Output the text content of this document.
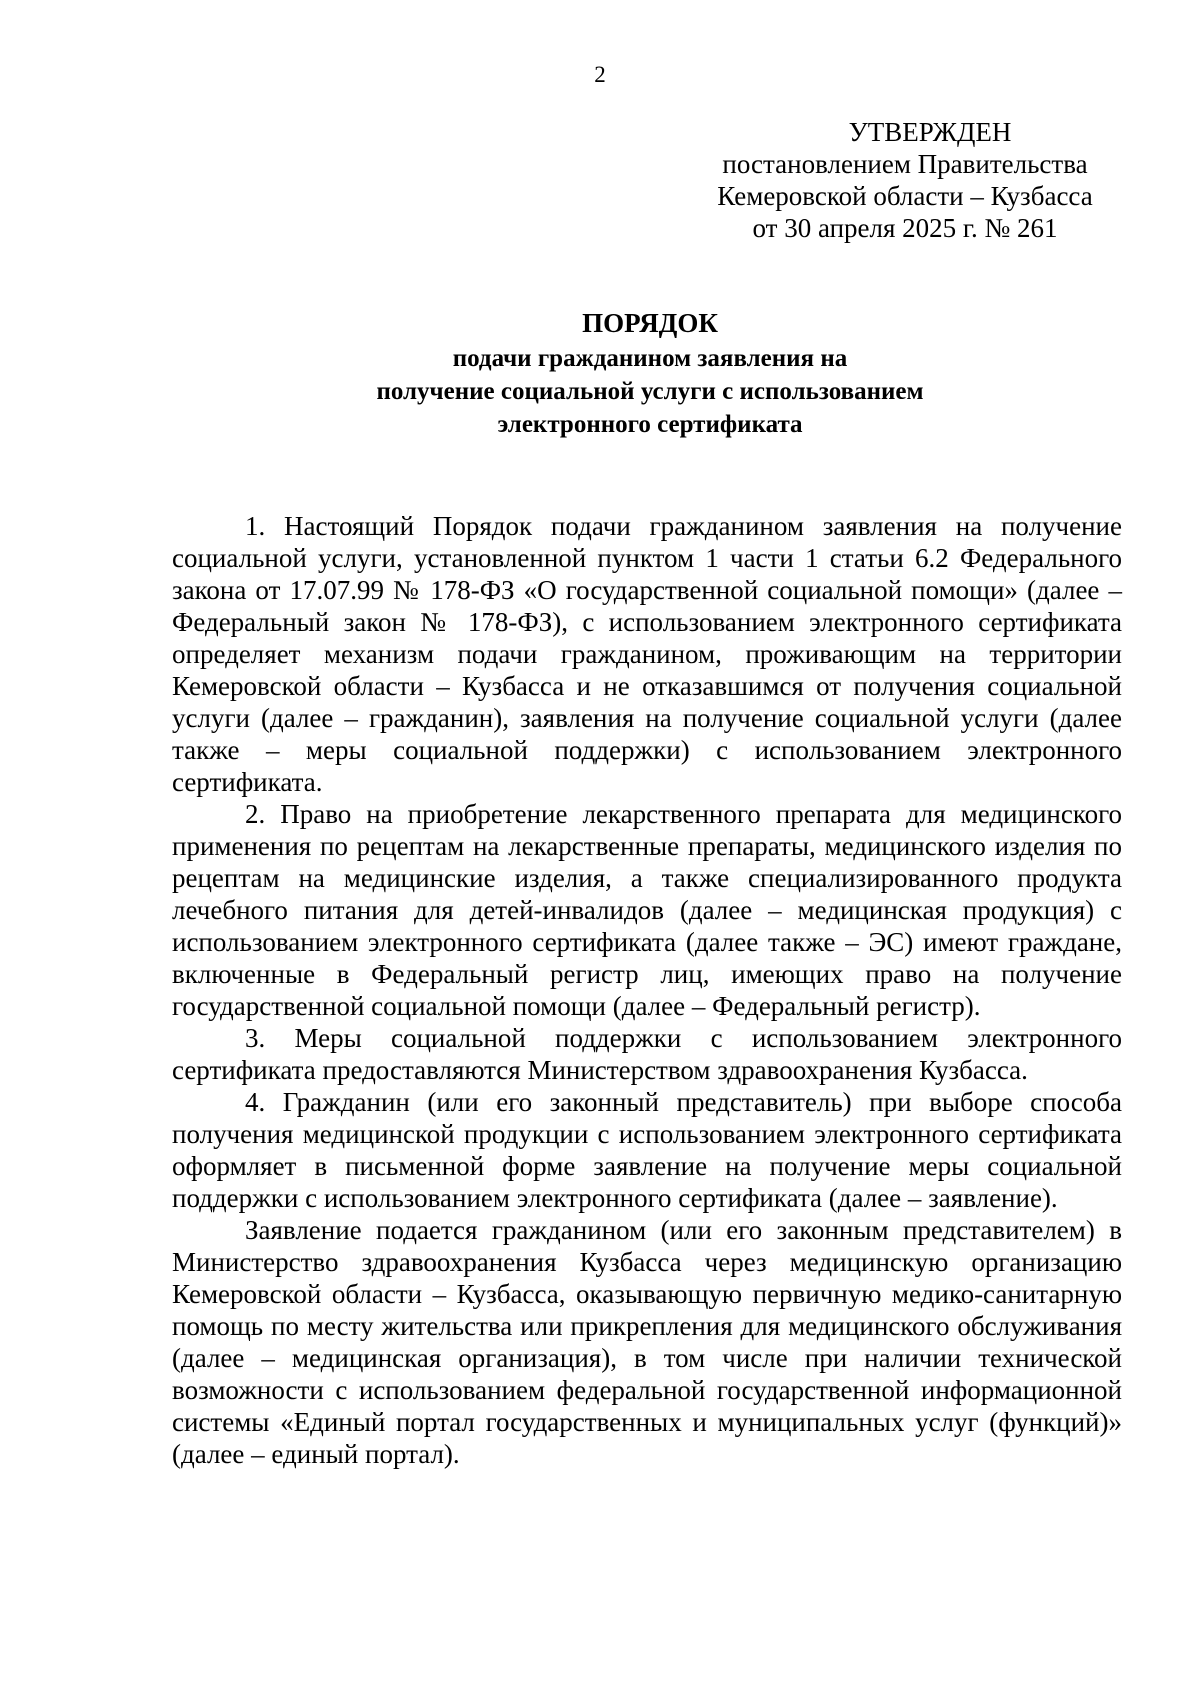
2
УТВЕРЖДЕН
постановлением Правительства
Кемеровской области – Кузбасса
от 30 апреля 2025 г. № 261
ПОРЯДОК
подачи гражданином заявления на
получение социальной услуги с использованием
электронного сертификата

1. Настоящий Порядок подачи гражданином заявления на получение социальной услуги, установленной пунктом 1 части 1 статьи 6.2 Федерального закона от 17.07.99 № 178-ФЗ «О государственной социальной помощи» (далее – Федеральный закон № 178-ФЗ), с использованием электронного сертификата определяет механизм подачи гражданином, проживающим на территории Кемеровской области – Кузбасса и не отказавшимся от получения социальной услуги (далее – гражданин), заявления на получение социальной услуги (далее также – меры социальной поддержки) с использованием электронного сертификата.

2. Право на приобретение лекарственного препарата для медицинского применения по рецептам на лекарственные препараты, медицинского изделия по рецептам на медицинские изделия, а также специализированного продукта лечебного питания для детей-инвалидов (далее – медицинская продукция) с использованием электронного сертификата (далее также – ЭС) имеют граждане, включенные в Федеральный регистр лиц, имеющих право на получение государственной социальной помощи (далее – Федеральный регистр).

3. Меры социальной поддержки с использованием электронного сертификата предоставляются Министерством здравоохранения Кузбасса.

4. Гражданин (или его законный представитель) при выборе способа получения медицинской продукции с использованием электронного сертификата оформляет в письменной форме заявление на получение меры социальной поддержки с использованием электронного сертификата (далее – заявление).

Заявление подается гражданином (или его законным представителем) в Министерство здравоохранения Кузбасса через медицинскую организацию Кемеровской области – Кузбасса, оказывающую первичную медико-санитарную помощь по месту жительства или прикрепления для медицинского обслуживания (далее – медицинская организация), в том числе при наличии технической возможности с использованием федеральной государственной информационной системы «Единый портал государственных и муниципальных услуг (функций)» (далее – единый портал).
